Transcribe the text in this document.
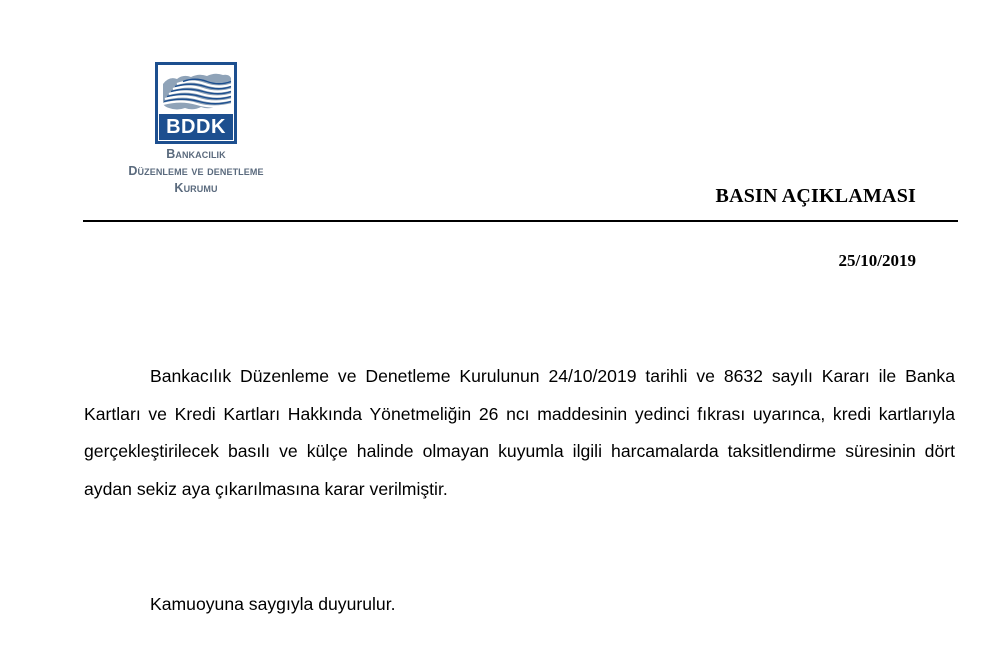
BDDK
Bankacilik
Düzenleme ve denetleme
Kurumu	BASIN AÇIKLAMASI
25/10/2019

Bankacılık Düzenleme ve Denetleme Kurulunun 24/10/2019 tarihli ve 8632 sayılı Kararı ile Banka Kartları ve Kredi Kartları Hakkında Yönetmeliğin 26 ncı maddesinin yedinci fıkrası uyarınca, kredi kartlarıyla gerçekleştirilecek basılı ve külçe halinde olmayan kuyumla ilgili harcamalarda taksitlendirme süresinin dört aydan sekiz aya çıkarılmasına karar verilmiştir.

Kamuoyuna saygıyla duyurulur.
